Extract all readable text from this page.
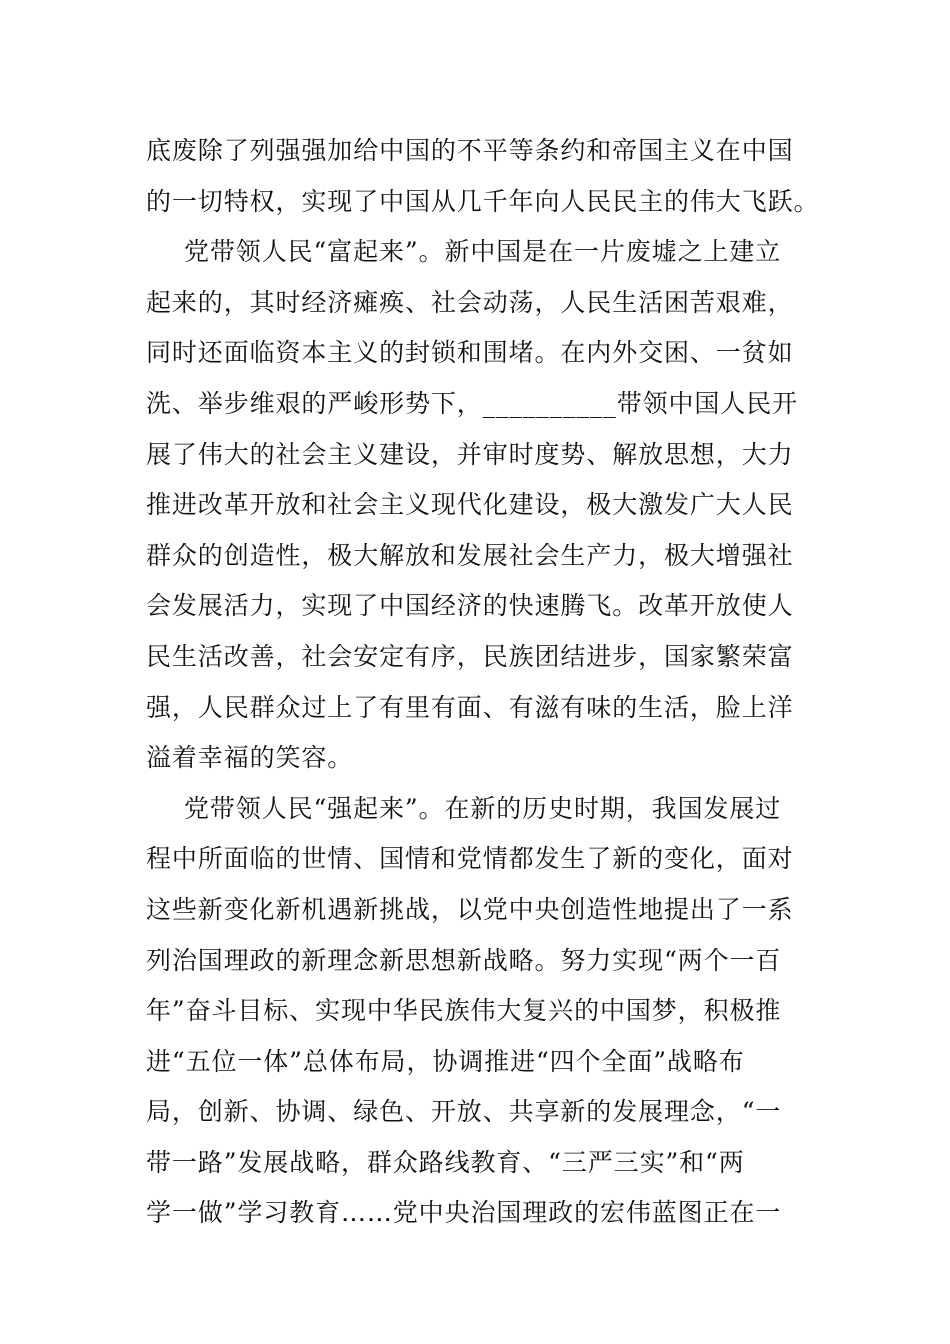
底废除了列强强加给中国的不平等条约和帝国主义在中国
的一切特权，实现了中国从几千年向人民民主的伟大飞跃。
党带领人民“富起来”。新中国是在一片废墟之上建立
起来的，其时经济瘫痪、社会动荡，人民生活困苦艰难，
同时还面临资本主义的封锁和围堵。在内外交困、一贫如
洗、举步维艰的严峻形势下，__________带领中国人民开
展了伟大的社会主义建设，并审时度势、解放思想，大力
推进改革开放和社会主义现代化建设，极大激发广大人民
群众的创造性，极大解放和发展社会生产力，极大增强社
会发展活力，实现了中国经济的快速腾飞。改革开放使人
民生活改善，社会安定有序，民族团结进步，国家繁荣富
强，人民群众过上了有里有面、有滋有味的生活，脸上洋
溢着幸福的笑容。
党带领人民“强起来”。在新的历史时期，我国发展过
程中所面临的世情、国情和党情都发生了新的变化，面对
这些新变化新机遇新挑战，以党中央创造性地提出了一系
列治国理政的新理念新思想新战略。努力实现“两个一百
年”奋斗目标、实现中华民族伟大复兴的中国梦，积极推
进“五位一体”总体布局，协调推进“四个全面”战略布
局，创新、协调、绿色、开放、共享新的发展理念，“一
带一路”发展战略，群众路线教育、“三严三实”和“两
学一做”学习教育……党中央治国理政的宏伟蓝图正在一
